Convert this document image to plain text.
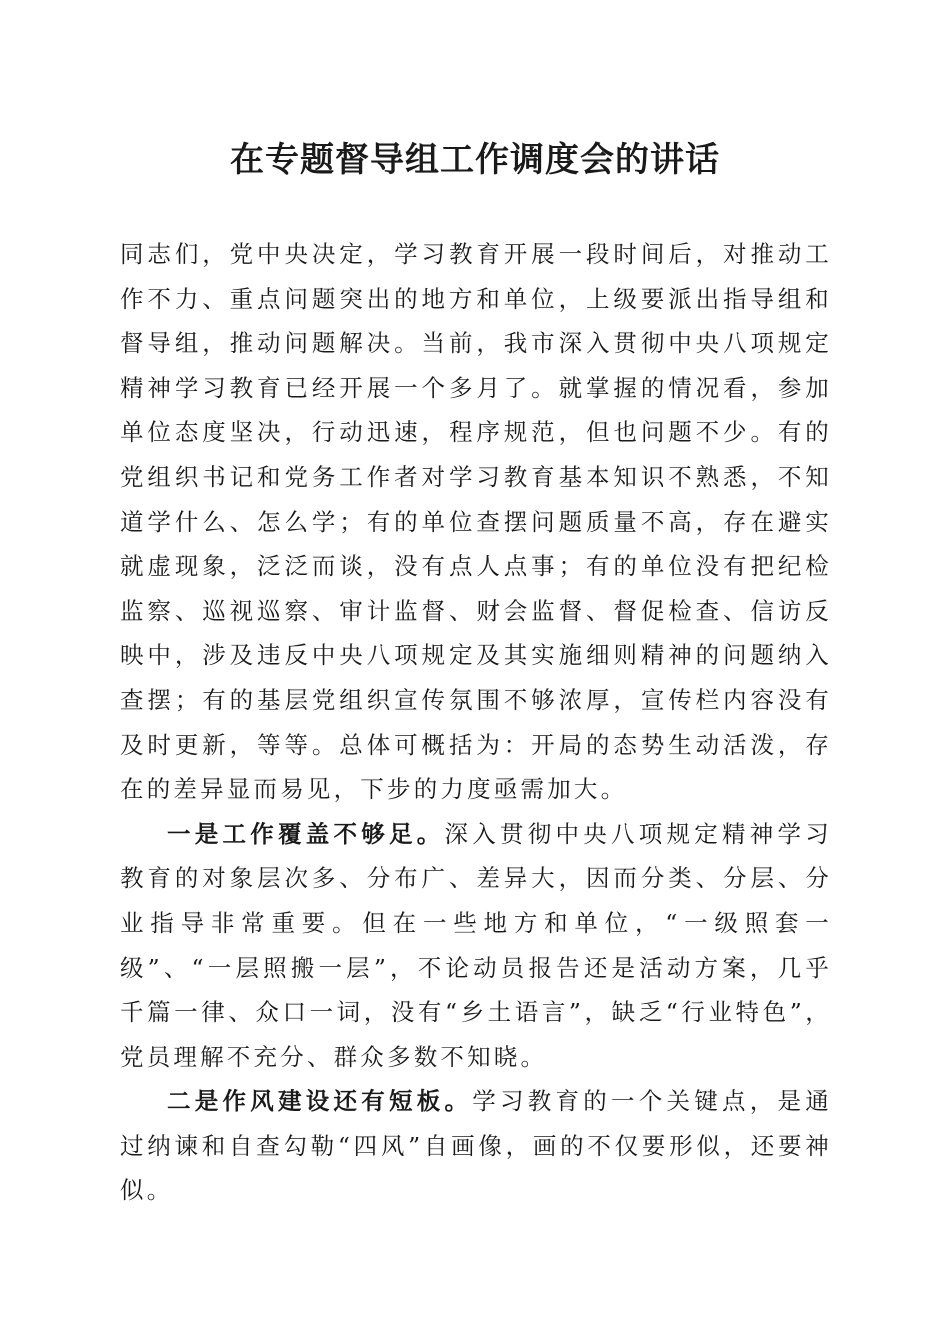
在专题督导组工作调度会的讲话

同志们，党中央决定，学习教育开展一段时间后，对推动工作不力、重点问题突出的地方和单位，上级要派出指导组和督导组，推动问题解决。当前，我市深入贯彻中央八项规定精神学习教育已经开展一个多月了。就掌握的情况看，参加单位态度坚决，行动迅速，程序规范，但也问题不少。有的党组织书记和党务工作者对学习教育基本知识不熟悉，不知道学什么、怎么学；有的单位查摆问题质量不高，存在避实就虚现象，泛泛而谈，没有点人点事；有的单位没有把纪检监察、巡视巡察、审计监督、财会监督、督促检查、信访反映中，涉及违反中央八项规定及其实施细则精神的问题纳入查摆；有的基层党组织宣传氛围不够浓厚，宣传栏内容没有及时更新，等等。总体可概括为：开局的态势生动活泼，存在的差异显而易见，下步的力度亟需加大。

一是工作覆盖不够足。深入贯彻中央八项规定精神学习教育的对象层次多、分布广、差异大，因而分类、分层、分业指导非常重要。但在一些地方和单位，“一级照套一级”、“一层照搬一层”，不论动员报告还是活动方案，几乎千篇一律、众口一词，没有“乡土语言”，缺乏“行业特色”，党员理解不充分、群众多数不知晓。

二是作风建设还有短板。学习教育的一个关键点，是通过纳谏和自查勾勒“四风”自画像，画的不仅要形似，还要神似。
